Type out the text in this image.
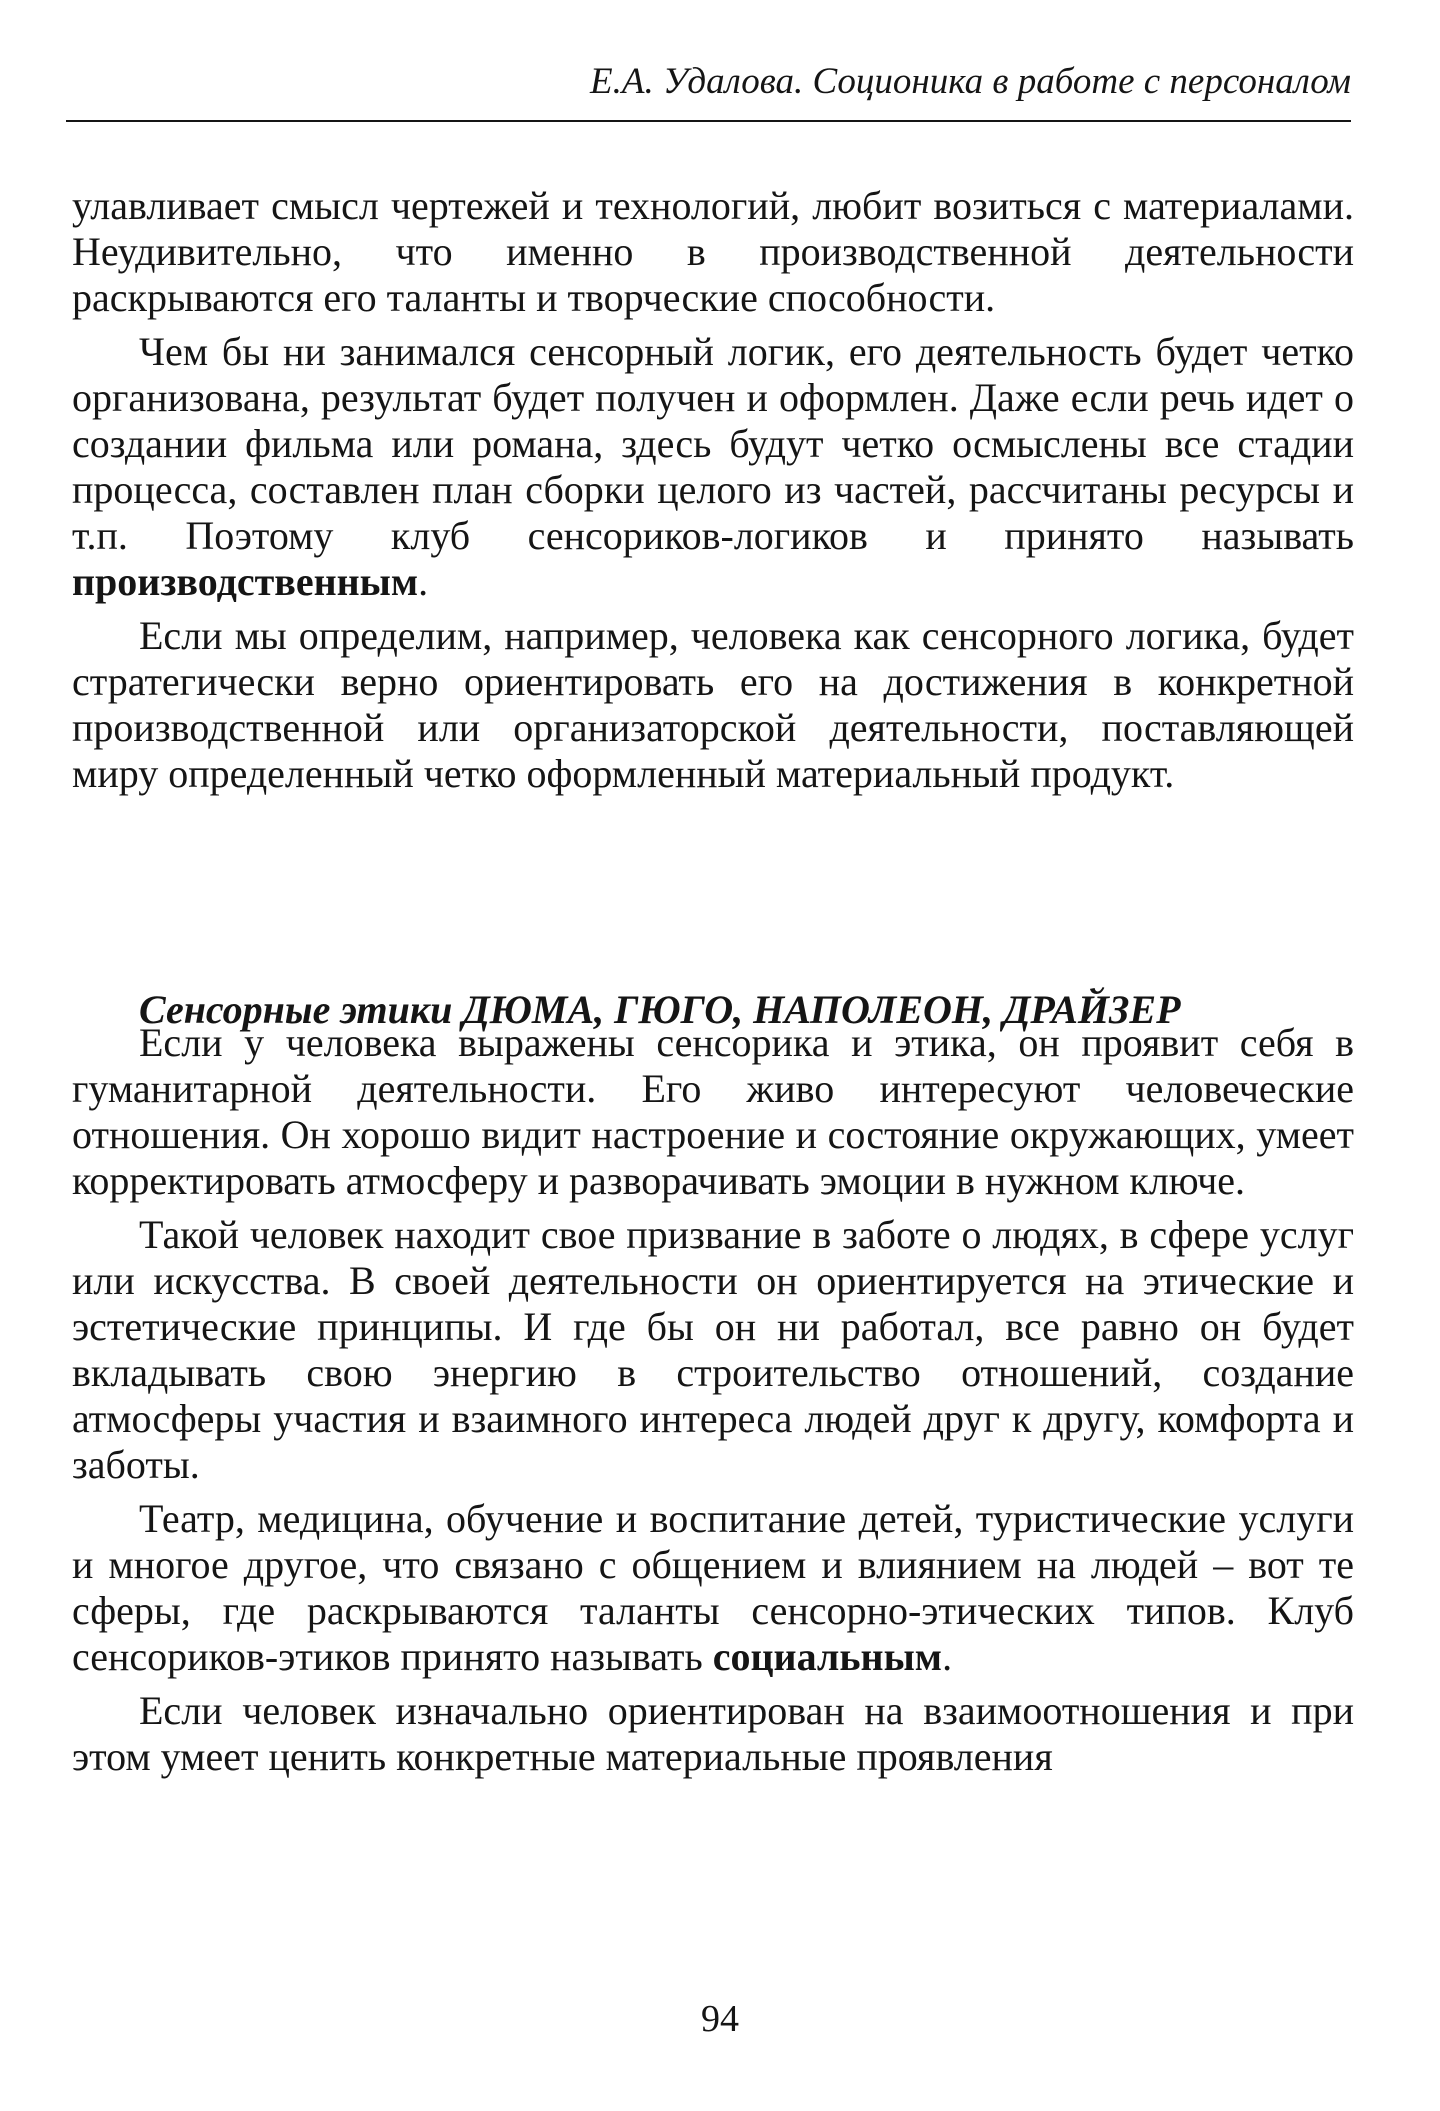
Е.А. Удалова. Соционика в работе с персоналом

улавливает смысл чертежей и технологий, любит возиться с материалами. Неудивительно, что именно в производственной деятельности раскрываются его таланты и творческие способности.

Чем бы ни занимался сенсорный логик, его деятельность будет четко организована, результат будет получен и оформлен. Даже если речь идет о создании фильма или романа, здесь будут четко осмыслены все стадии процесса, составлен план сборки целого из частей, рассчитаны ресурсы и т.п. Поэтому клуб сенсориков-логиков и принято называть производственным.

Если мы определим, например, человека как сенсорного логика, будет стратегически верно ориентировать его на достижения в конкретной производственной или организаторской деятельности, поставляющей миру определенный четко оформленный материальный продукт.

Сенсорные этики ДЮМА, ГЮГО, НАПОЛЕОН, ДРАЙЗЕР

Если у человека выражены сенсорика и этика, он проявит себя в гуманитарной деятельности. Его живо интересуют человеческие отношения. Он хорошо видит настроение и состояние окружающих, умеет корректировать атмосферу и разворачивать эмоции в нужном ключе.

Такой человек находит свое призвание в заботе о людях, в сфере услуг или искусства. В своей деятельности он ориентируется на этические и эстетические принципы. И где бы он ни работал, все равно он будет вкладывать свою энергию в строительство отношений, создание атмосферы участия и взаимного интереса людей друг к другу, комфорта и заботы.

Театр, медицина, обучение и воспитание детей, туристические услуги и многое другое, что связано с общением и влиянием на людей – вот те сферы, где раскрываются таланты сенсорно-этических типов. Клуб сенсориков-этиков принято называть социальным.

Если человек изначально ориентирован на взаимоотношения и при этом умеет ценить конкретные материальные проявления

94
